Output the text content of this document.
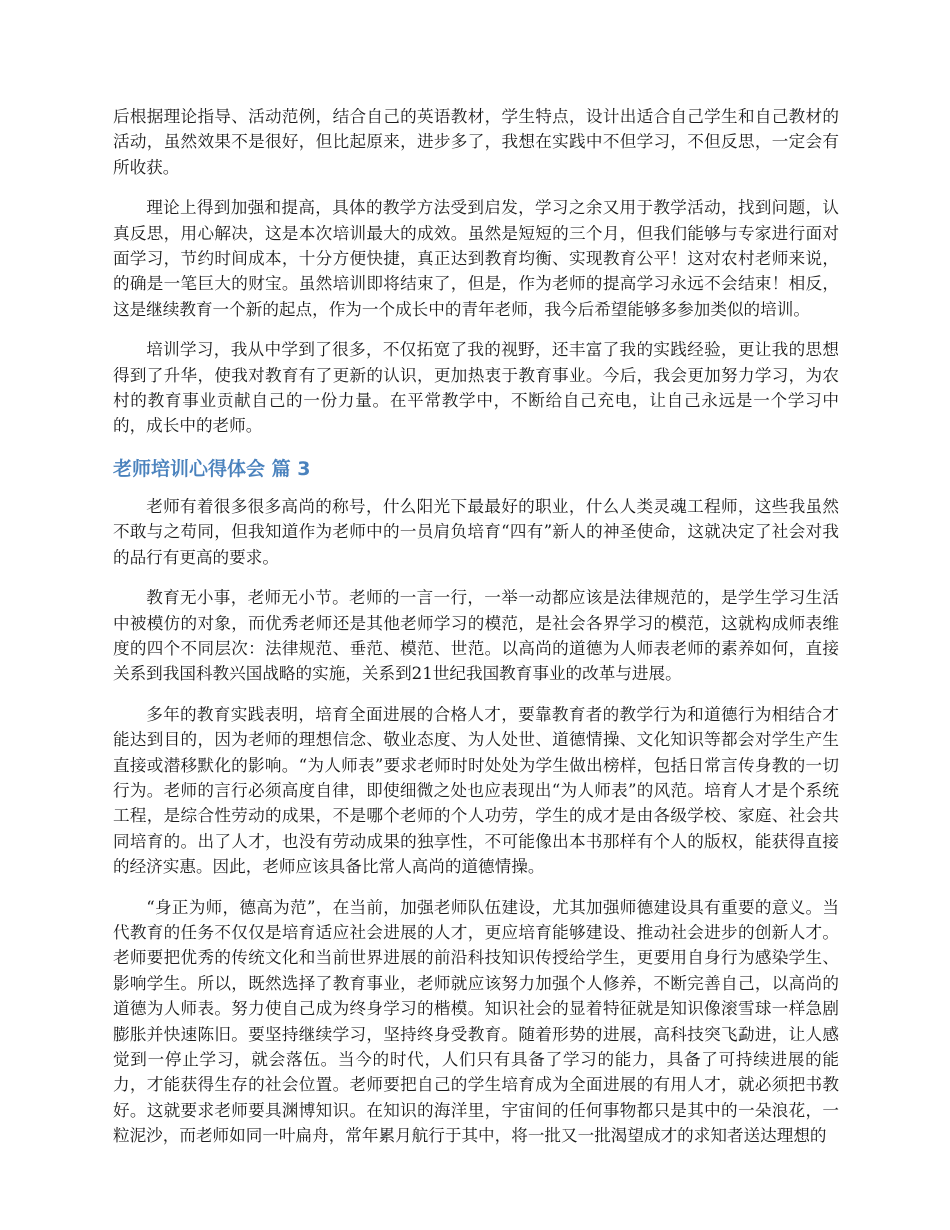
后根据理论指导、活动范例，结合自己的英语教材，学生特点，设计出适合自己学生和自己教材的活动，虽然效果不是很好，但比起原来，进步多了，我想在实践中不但学习，不但反思，一定会有所收获。

理论上得到加强和提高，具体的教学方法受到启发，学习之余又用于教学活动，找到问题，认真反思，用心解决，这是本次培训最大的成效。虽然是短短的三个月，但我们能够与专家进行面对面学习，节约时间成本，十分方便快捷，真正达到教育均衡、实现教育公平！这对农村老师来说，的确是一笔巨大的财宝。虽然培训即将结束了，但是，作为老师的提高学习永远不会结束！相反，这是继续教育一个新的起点，作为一个成长中的青年老师，我今后希望能够多参加类似的培训。

培训学习，我从中学到了很多，不仅拓宽了我的视野，还丰富了我的实践经验，更让我的思想得到了升华，使我对教育有了更新的认识，更加热衷于教育事业。今后，我会更加努力学习，为农村的教育事业贡献自己的一份力量。在平常教学中，不断给自己充电，让自己永远是一个学习中的，成长中的老师。

老师培训心得体会 篇 3

老师有着很多很多高尚的称号，什么阳光下最最好的职业，什么人类灵魂工程师，这些我虽然不敢与之苟同，但我知道作为老师中的一员肩负培育“四有”新人的神圣使命，这就决定了社会对我的品行有更高的要求。

教育无小事，老师无小节。老师的一言一行，一举一动都应该是法律规范的，是学生学习生活中被模仿的对象，而优秀老师还是其他老师学习的模范，是社会各界学习的模范，这就构成师表维度的四个不同层次：法律规范、垂范、模范、世范。以高尚的道德为人师表老师的素养如何，直接关系到我国科教兴国战略的实施，关系到21世纪我国教育事业的改革与进展。

多年的教育实践表明，培育全面进展的合格人才，要靠教育者的教学行为和道德行为相结合才能达到目的，因为老师的理想信念、敬业态度、为人处世、道德情操、文化知识等都会对学生产生直接或潜移默化的影响。“为人师表”要求老师时时处处为学生做出榜样，包括日常言传身教的一切行为。老师的言行必须高度自律，即使细微之处也应表现出“为人师表”的风范。培育人才是个系统工程，是综合性劳动的成果，不是哪个老师的个人功劳，学生的成才是由各级学校、家庭、社会共同培育的。出了人才，也没有劳动成果的独享性，不可能像出本书那样有个人的版权，能获得直接的经济实惠。因此，老师应该具备比常人高尚的道德情操。

“身正为师，德高为范”，在当前，加强老师队伍建设，尤其加强师德建设具有重要的意义。当代教育的任务不仅仅是培育适应社会进展的人才，更应培育能够建设、推动社会进步的创新人才。老师要把优秀的传统文化和当前世界进展的前沿科技知识传授给学生，更要用自身行为感染学生、影响学生。所以，既然选择了教育事业，老师就应该努力加强个人修养，不断完善自己，以高尚的道德为人师表。努力使自己成为终身学习的楷模。知识社会的显着特征就是知识像滚雪球一样急剧膨胀并快速陈旧。要坚持继续学习，坚持终身受教育。随着形势的进展，高科技突飞勐进，让人感觉到一停止学习，就会落伍。当今的时代，人们只有具备了学习的能力，具备了可持续进展的能力，才能获得生存的社会位置。老师要把自己的学生培育成为全面进展的有用人才，就必须把书教好。这就要求老师要具渊博知识。在知识的海洋里，宇宙间的任何事物都只是其中的一朵浪花，一粒泥沙，而老师如同一叶扁舟，常年累月航行于其中，将一批又一批渴望成才的求知者送达理想的
